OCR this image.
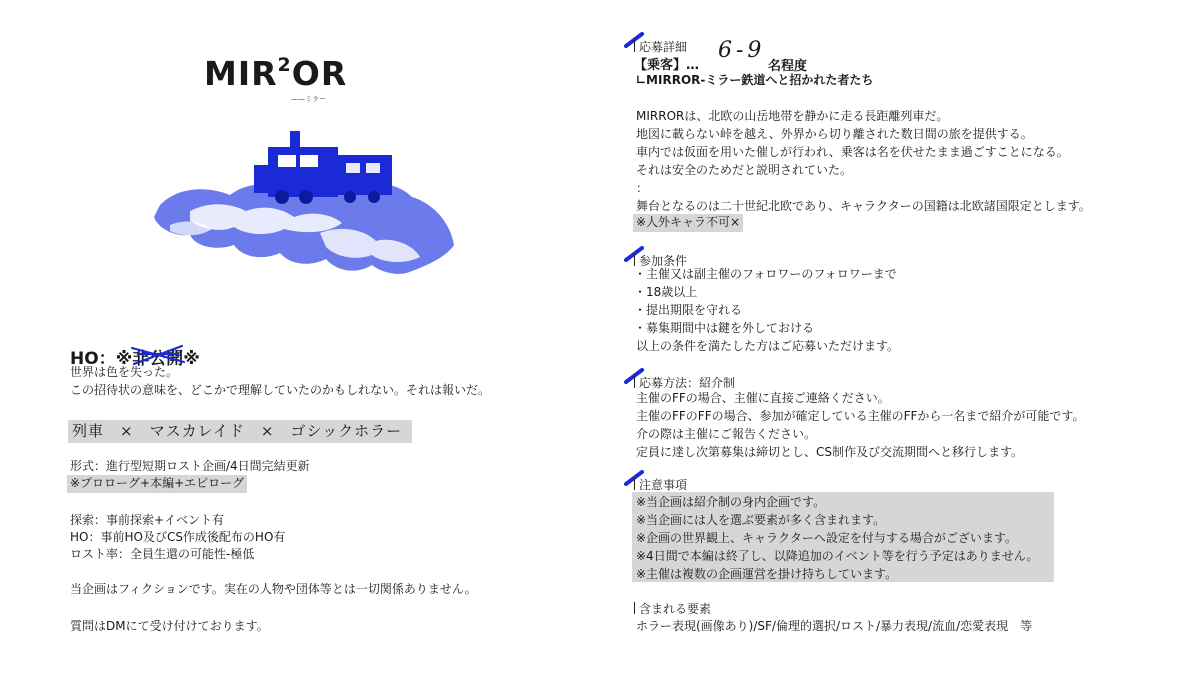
MIR$^2$OR
——ミラー
HO：※非公開
※
世界は色を失った。
この招待状の意味を、どこかで理解していたのかもしれない。それは報いだ。
列車　×　マスカレイド　×　ゴシックホラー
形式：進行型短期ロスト企画/4日間完結更新
※プロローグ+本編+エピローグ
探索：事前探索+イベント有
HO：事前HO及びCS作成後配布のHO有
ロスト率：全員生還の可能性-極低
当企画はフィクションです。実在の人物や団体等とは一切関係ありません。
質問はDMにて受け付けております。
応募詳細
【乗客】…
6-9
名程度
∟MIRROR-ミラー鉄道へと招かれた者たち
MIRRORは、北欧の山岳地帯を静かに走る長距離列車だ。
地図に載らない峠を越え、外界から切り離された数日間の旅を提供する。
車内では仮面を用いた催しが行われ、乗客は名を伏せたまま過ごすことになる。
それは安全のためだと説明されていた。
：
舞台となるのは二十世紀北欧であり、キャラクターの国籍は北欧諸国限定とします。
※人外キャラ不可×
参加条件
・主催又は副主催のフォロワーのフォロワーまで
・18歳以上
・提出期限を守れる
・募集期間中は鍵を外しておける
以上の条件を満たした方はご応募いただけます。
応募方法：紹介制
主催のFFの場合、主催に直接ご連絡ください。
主催のFFのFFの場合、参加が確定している主催のFFから一名まで紹介が可能です。
介の際は主催にご報告ください。
定員に達し次第募集は締切とし、CS制作及び交流期間へと移行します。
注意事項
※当企画は紹介制の身内企画です。
※当企画には人を選ぶ要素が多く含まれます。
※企画の世界観上、キャラクターへ設定を付与する場合がございます。
※4日間で本編は終了し、以降追加のイベント等を行う予定はありません。
※主催は複数の企画運営を掛け持ちしています。
含まれる要素
ホラー表現(画像あり)/SF/倫理的選択/ロスト/暴力表現/流血/恋愛表現　等
